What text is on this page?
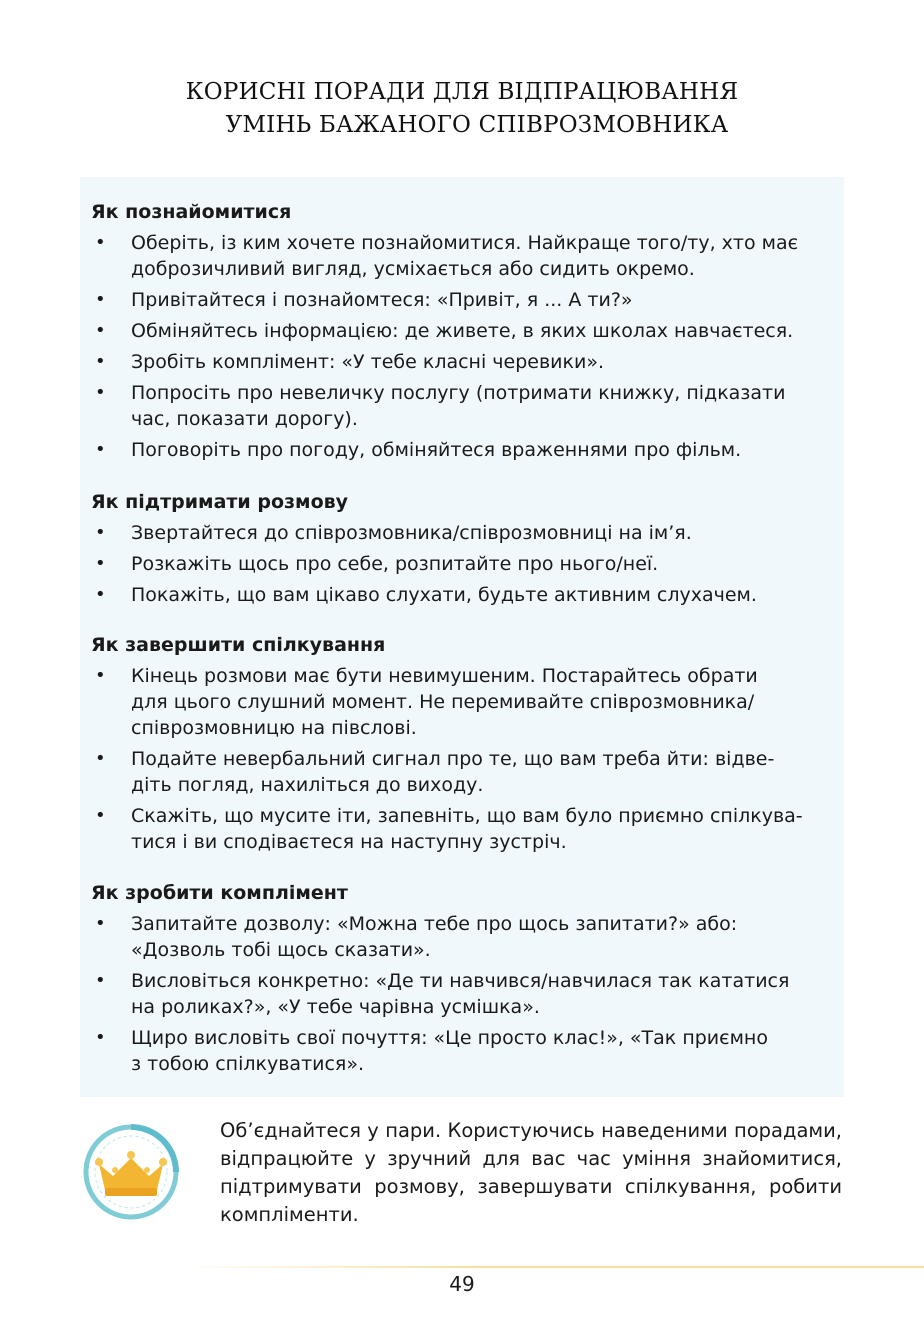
КОРИСНІ ПОРАДИ ДЛЯ ВІДПРАЦЮВАННЯ
УМІНЬ БАЖАНОГО СПІВРОЗМОВНИКА

Як познайомитися

• Оберіть, із ким хочете познайомитися. Найкраще того/ту, хто має
доброзичливий вигляд, усміхається або сидить окремо.
• Привітайтеся і познайомтеся: «Привіт, я ... А ти?»
• Обміняйтесь інформацією: де живете, в яких школах навчаєтеся.
• Зробіть комплімент: «У тебе класні черевики».
• Попросіть про невеличку послугу (потримати книжку, підказати
час, показати дорогу).
• Поговоріть про погоду, обміняйтеся враженнями про фільм.

Як підтримати розмову

• Звертайтеся до співрозмовника/співрозмовниці на ім’я.
• Розкажіть щось про себе, розпитайте про нього/неї.
• Покажіть, що вам цікаво слухати, будьте активним слухачем.

Як завершити спілкування

• Кінець розмови має бути невимушеним. Постарайтесь обрати
для цього слушний момент. Не перемивайте співрозмовника/
співрозмовницю на півслові.
• Подайте невербальний сигнал про те, що вам треба йти: відве-
діть погляд, нахиліться до виходу.
• Скажіть, що мусите іти, запевніть, що вам було приємно спілкува-
тися і ви сподіваєтеся на наступну зустріч.

Як зробити комплімент

• Запитайте дозволу: «Можна тебе про щось запитати?» або:
«Дозволь тобі щось сказати».
• Висловіться конкретно: «Де ти навчився/навчилася так кататися
на роликах?», «У тебе чарівна усмішка».
• Щиро висловіть свої почуття: «Це просто клас!», «Так приємно
з тобою спілкуватися».
Об’єднайтеся у пари. Користуючись наведеними порадами, відпрацюйте у зручний для вас час уміння знайомитися, підтримувати розмову, завершувати спілкування, робити компліменти.
49
